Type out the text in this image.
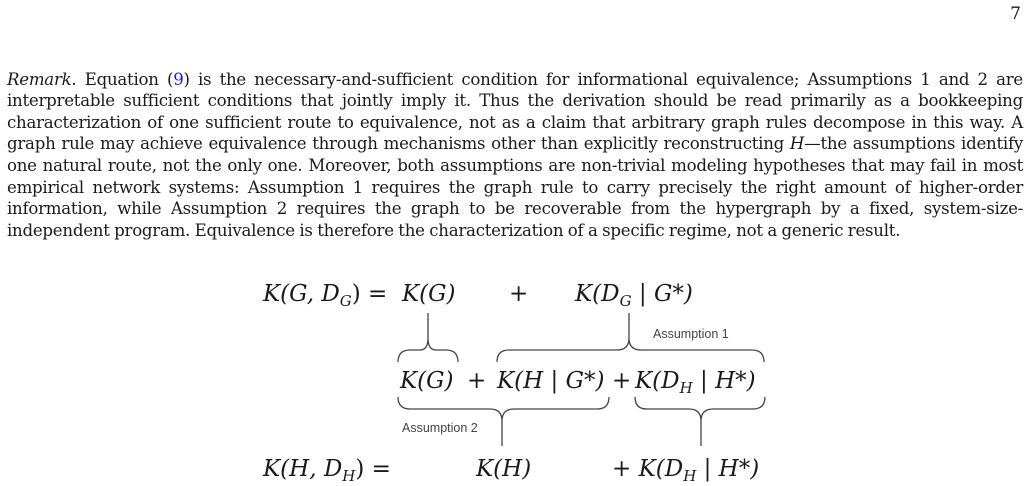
7

Remark. Equation (9) is the necessary-and-sufficient condition for informational equivalence; Assumptions 1 and 2 are interpretable sufficient conditions that jointly imply it. Thus the derivation should be read primarily as a bookkeeping characterization of one sufficient route to equivalence, not as a claim that arbitrary graph rules decompose in this way. A graph rule may achieve equivalence through mechanisms other than explicitly reconstructing H—the assumptions identify one natural route, not the only one. Moreover, both assumptions are non-trivial modeling hypotheses that may fail in most empirical network systems: Assumption 1 requires the graph rule to carry precisely the right amount of higher-order information, while Assumption 2 requires the graph to be recoverable from the hypergraph by a fixed, system-size-independent program. Equivalence is therefore the characterization of a specific regime, not a generic result.

K(G, $D_G) = K(G) + K(D_G$ | G*)
Assumption 1
K(G) + K(H | $G*) + K(D_H$ | H*)
Assumption 2
K(H, $D_H$) =	K(H)	+ $K(D_H$ | H*)
